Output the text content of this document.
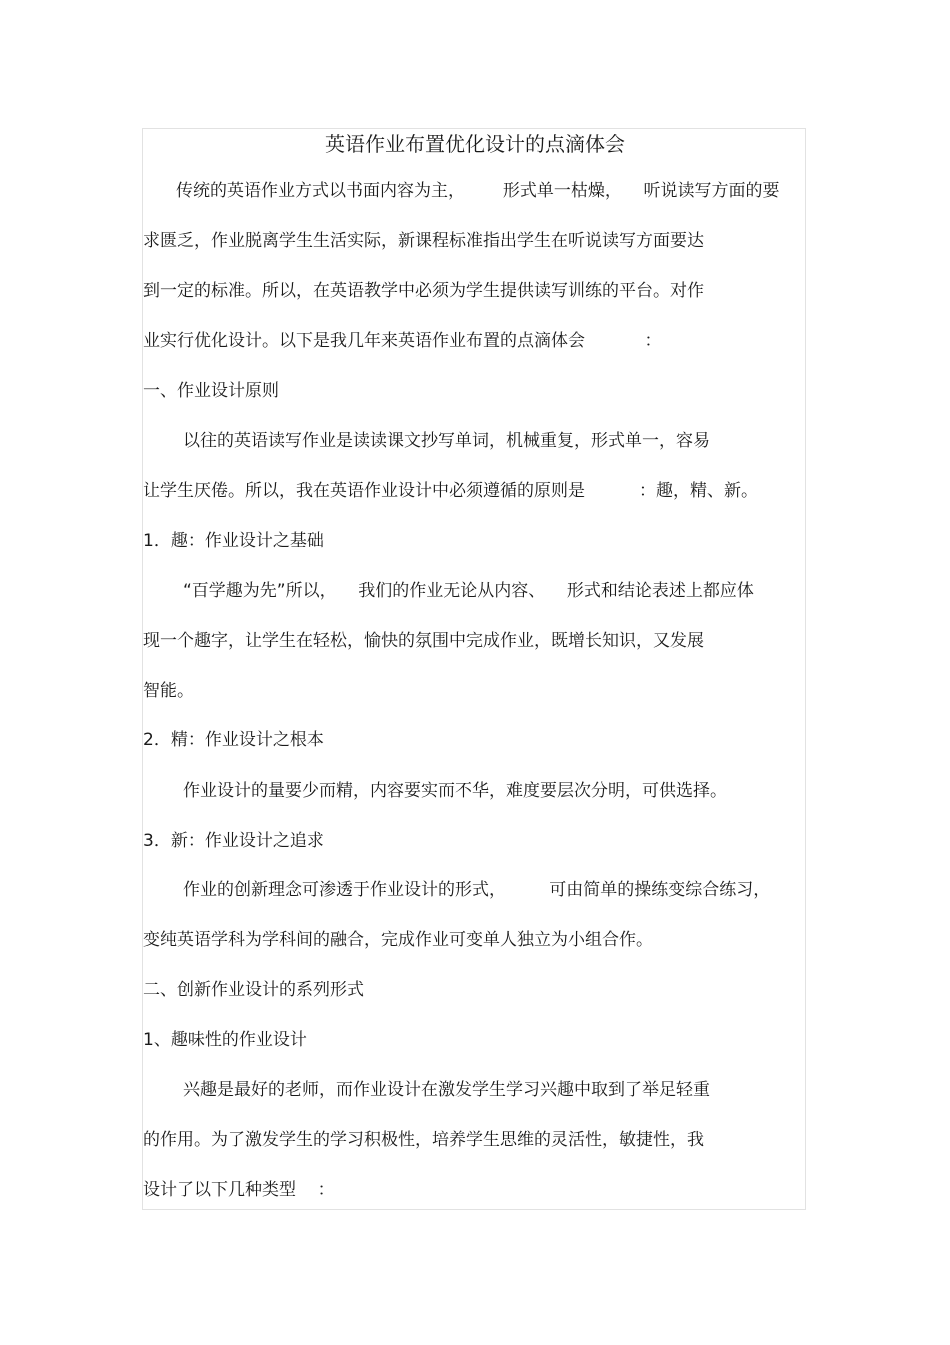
英语作业布置优化设计的点滴体会
传统的英语作业方式以书面内容为主，       形式单一枯燥，    听说读写方面的要
求匮乏，作业脱离学生生活实际，新课程标准指出学生在听说读写方面要达
到一定的标准。所以，在英语教学中必须为学生提供读写训练的平台。对作
业实行优化设计。以下是我几年来英语作业布置的点滴体会           ：
一、作业设计原则
以往的英语读写作业是读读课文抄写单词，机械重复，形式单一，容易
让学生厌倦。所以，我在英语作业设计中必须遵循的原则是          ：趣，精、新。
1．趣：作业设计之基础
“百学趣为先”所以，    我们的作业无论从内容、    形式和结论表述上都应体
现一个趣字，让学生在轻松，愉快的氛围中完成作业，既增长知识，又发展
智能。
2．精：作业设计之根本
作业设计的量要少而精，内容要实而不华，难度要层次分明，可供选择。
3．新：作业设计之追求
作业的创新理念可渗透于作业设计的形式，        可由简单的操练变综合练习，
变纯英语学科为学科间的融合，完成作业可变单人独立为小组合作。
二、创新作业设计的系列形式
1、趣味性的作业设计
兴趣是最好的老师，而作业设计在激发学生学习兴趣中取到了举足轻重
的作用。为了激发学生的学习积极性，培养学生思维的灵活性，敏捷性，我
设计了以下几种类型    ：
